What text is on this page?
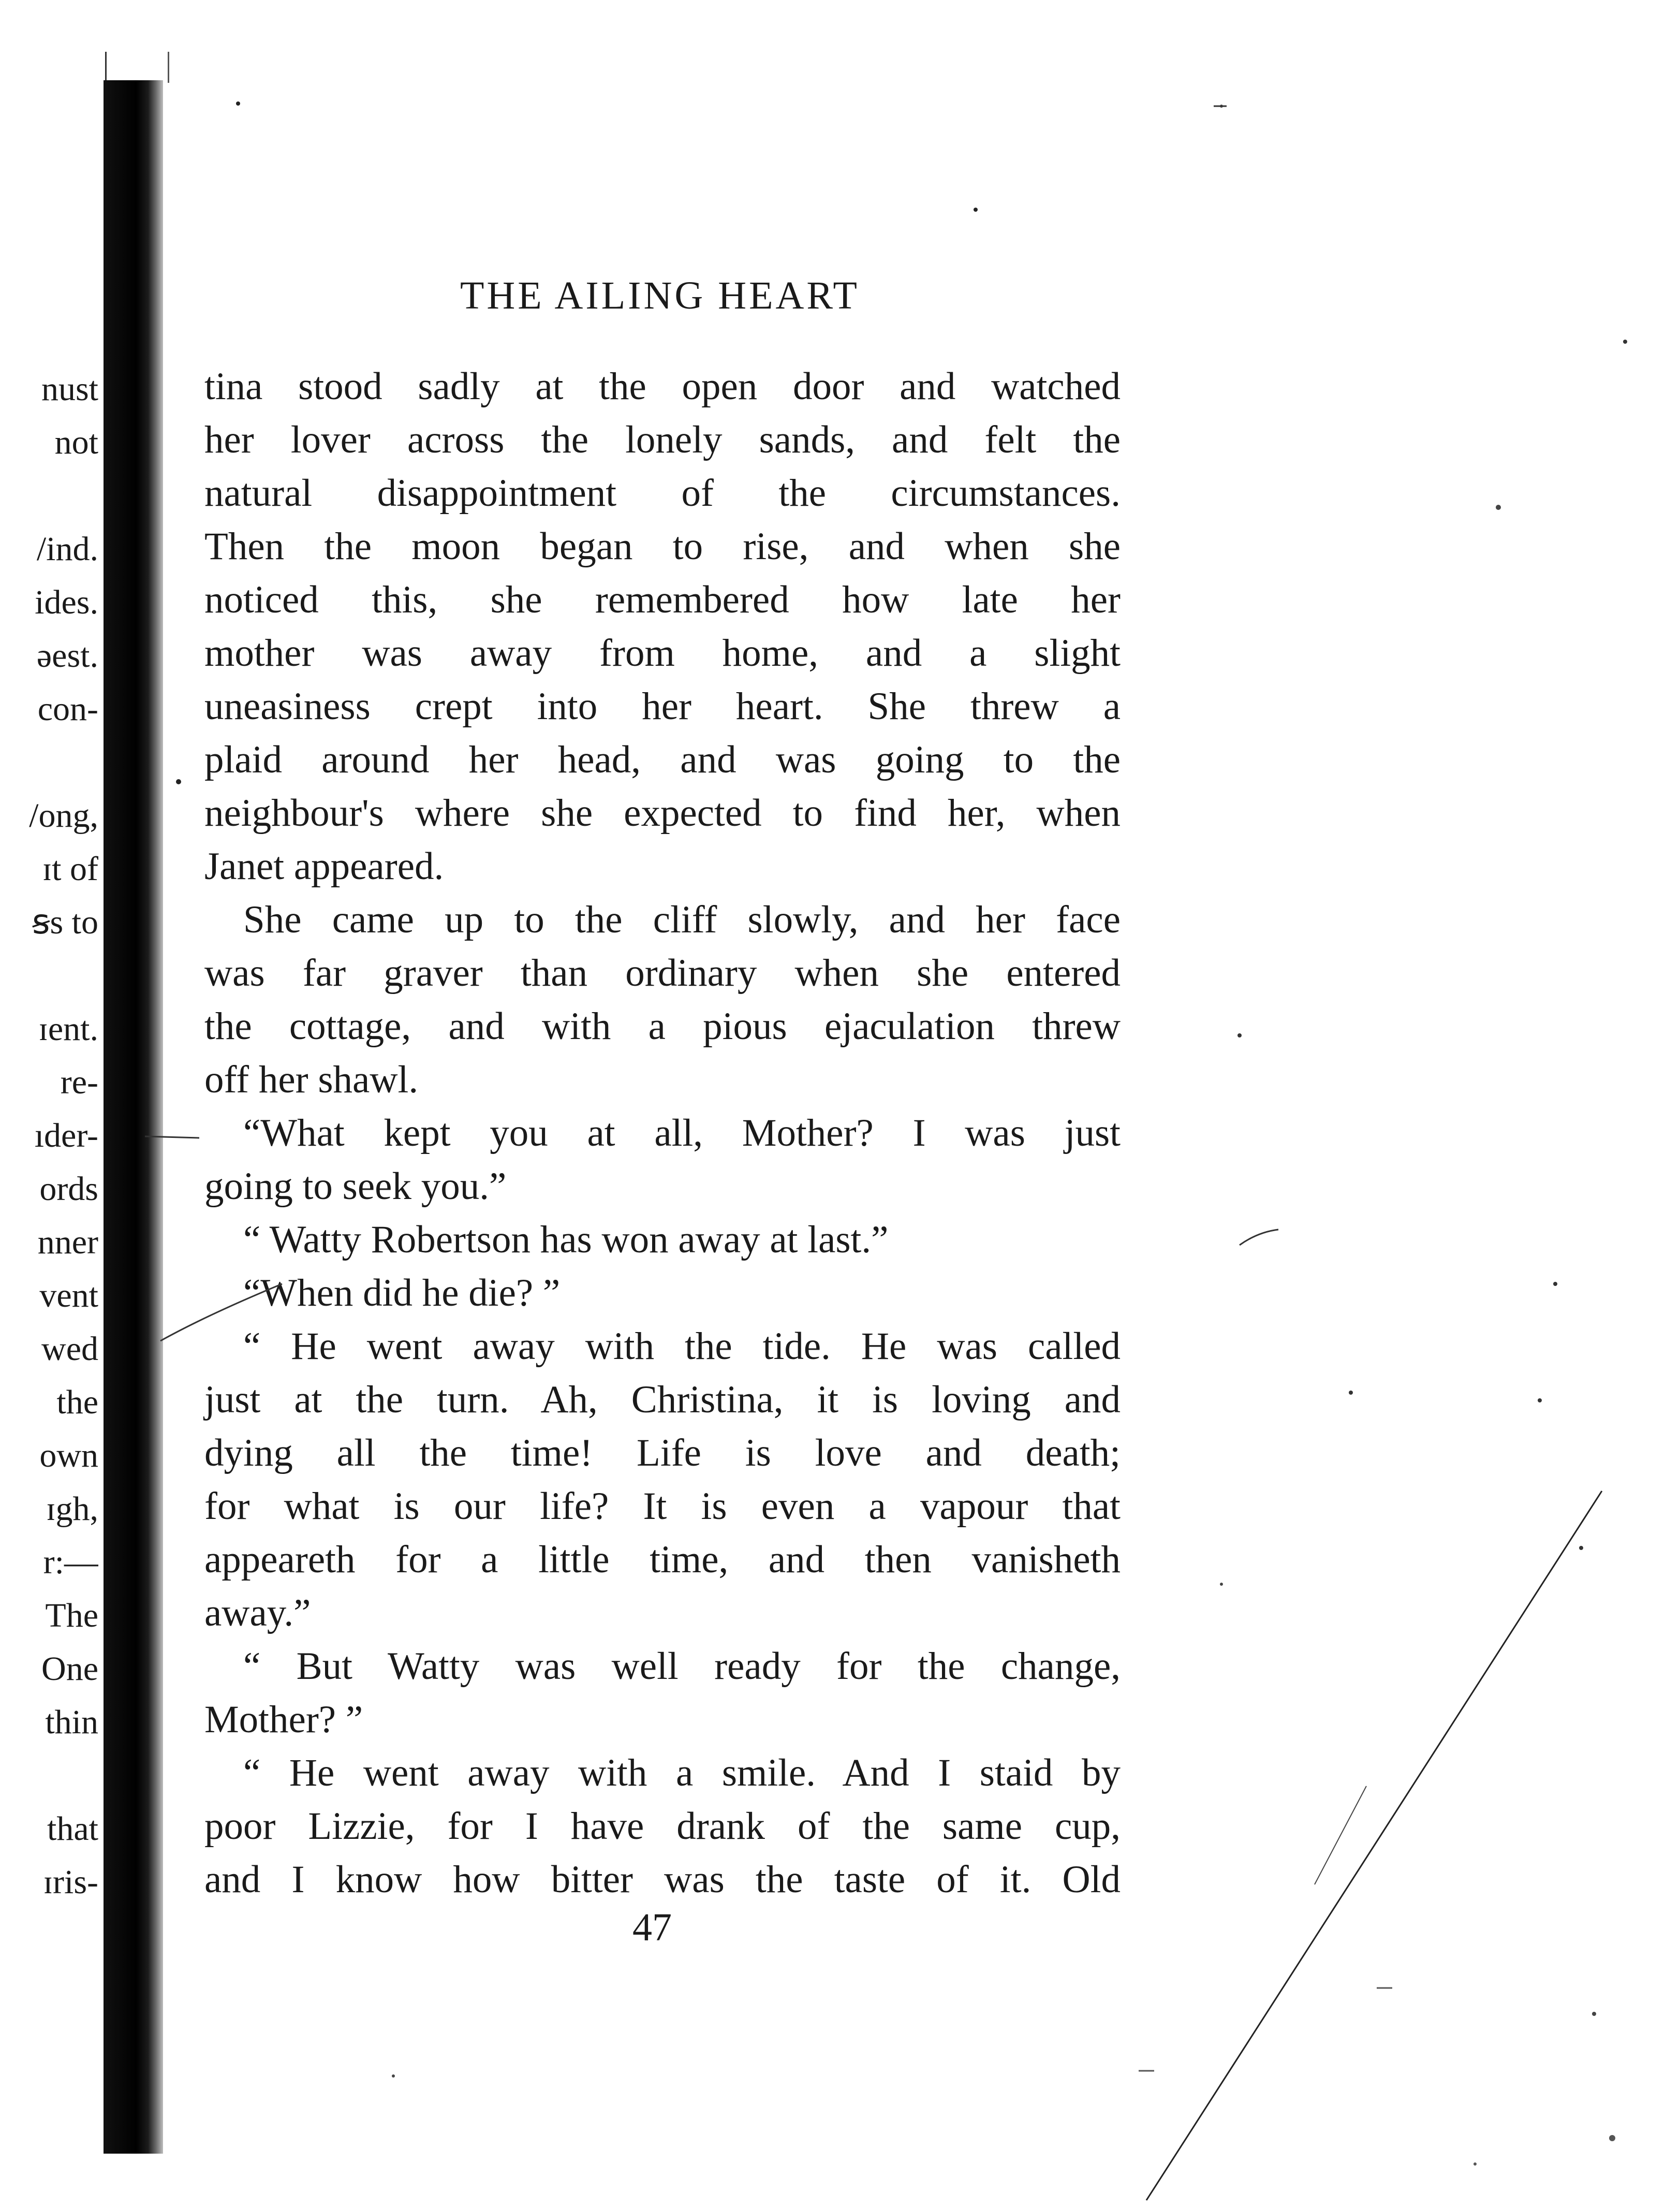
nust
not
/ind.
ides.
əest.
con-
/ong,
ɪt of
ꞩs to
ɪent.
re-
ıder-
ords
nner
vent
wed
the
own
ɪgh,
r:—
The
One
thin
that
ɪris-
THE AILING HEART
tina stood sadly at the open door and watched
her lover across the lonely sands, and felt the
natural disappointment of the circumstances.
Then the moon began to rise, and when she
noticed this, she remembered how late her
mother was away from home, and a slight
uneasiness crept into her heart. She threw a
plaid around her head, and was going to the
neighbour's where she expected to find her, when
Janet appeared.
She came up to the cliff slowly, and her face
was far graver than ordinary when she entered
the cottage, and with a pious ejaculation threw
off her shawl.
“What kept you at all, Mother? I was just
going to seek you.”
“ Watty Robertson has won away at last.”
“When did he die? ”
“ He went away with the tide. He was called
just at the turn. Ah, Christina, it is loving and
dying all the time! Life is love and death;
for what is our life? It is even a vapour that
appeareth for a little time, and then vanisheth
away.”
“ But Watty was well ready for the change,
Mother? ”
“ He went away with a smile. And I staid by
poor Lizzie, for I have drank of the same cup,
and I know how bitter was the taste of it. Old
47
